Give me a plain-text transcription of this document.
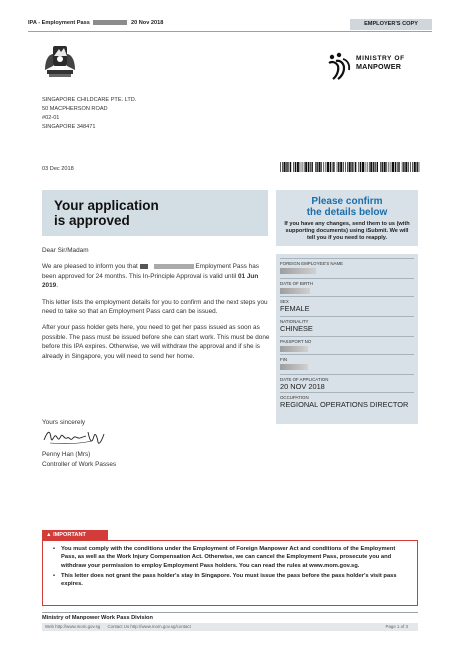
IPA - Employment Pass	20 Nov 2018	EMPLOYER'S COPY
MINISTRY OF
MANPOWER
SINGAPORE CHILDCARE PTE. LTD.
50 MACPHERSON ROAD
#02-01
SINGAPORE 348471
03 Dec 2018
Your application
is approved

Dear Sir/Madam

We are pleased to inform you that	Employment Pass has been approved for 24 months. This In-Principle Approval is valid until 01 Jun 2019.

This letter lists the employment details for you to confirm and the next steps you need to take so that an Employment Pass card can be issued.

After your pass holder gets here, you need to get her pass issued as soon as possible. The pass must be issued before she can start work. This must be done before this IPA expires. Otherwise, we will withdraw the approval and if she is already in Singapore, you will need to send her home.

Yours sincerely
Penny Han (Mrs)
Controller of Work Passes
Please confirm
the details below
If you have any changes, send them to us (with supporting documents) using iSubmit. We will tell you if you need to reapply.
FOREIGN EMPLOYEE'S NAME
DATE OF BIRTH
SEX
FEMALE
NATIONALITY
CHINESE
PASSPORT NO
FIN
DATE OF APPLICATION
20 NOV 2018
OCCUPATION
REGIONAL OPERATIONS DIRECTOR
▲ IMPORTANT
• You must comply with the conditions under the Employment of Foreign Manpower Act and conditions of the Employment Pass, as well as the Work Injury Compensation Act. Otherwise, we can cancel the Employment Pass, prosecute you and withdraw your permission to employ Employment Pass holders. You can read the rules at www.mom.gov.sg.
• This letter does not grant the pass holder's stay in Singapore. You must issue the pass before the pass holder's visit pass expires.
Ministry of Manpower Work Pass Division
Web http://www.mom.gov.sg Contact Us http://www.mom.gov.sg/contact	Page 1 of 3
